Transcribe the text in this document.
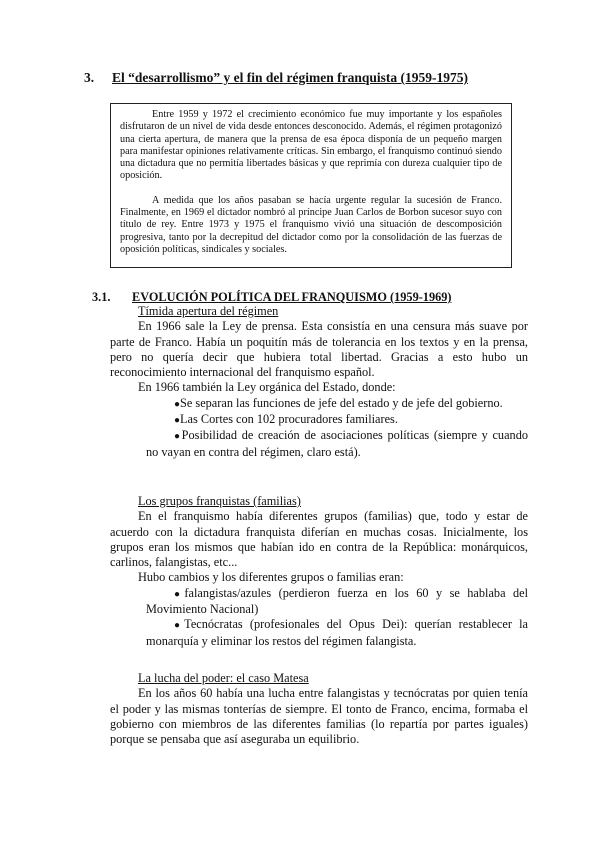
3. El “desarrollismo” y el fin del régimen franquista (1959-1975)

Entre 1959 y 1972 el crecimiento económico fue muy importante y los españoles disfrutaron de un nivel de vida desde entonces desconocido. Además, el régimen protagonizó una cierta apertura, de manera que la prensa de esa época disponía de un pequeño margen para manifestar opiniones relativamente críticas. Sin embargo, el franquismo continuó siendo una dictadura que no permitía libertades básicas y que reprimía con dureza cualquier tipo de oposición.

A medida que los años pasaban se hacía urgente regular la sucesión de Franco. Finalmente, en 1969 el dictador nombró al príncipe Juan Carlos de Borbon sucesor suyo con título de rey. Entre 1973 y 1975 el franquismo vivió una situación de descomposición progresiva, tanto por la decrepitud del dictador como por la consolidación de las fuerzas de oposición políticas, sindicales y sociales.

3.1. EVOLUCIÓN POLÍTICA DEL FRANQUISMO (1959-1969)
Tímida apertura del régimen

En 1966 sale la Ley de prensa. Esta consistía en una censura más suave por parte de Franco. Había un poquitín más de tolerancia en los textos y en la prensa, pero no quería decir que hubiera total libertad. Gracias a esto hubo un reconocimiento internacional del franquismo español.

En 1966 también la Ley orgánica del Estado, donde:

●Se separan las funciones de jefe del estado y de jefe del gobierno.

●Las Cortes con 102 procuradores familiares.

●Posibilidad de creación de asociaciones políticas (siempre y cuando no vayan en contra del régimen, claro está).

Los grupos franquistas (familias)

En el franquismo había diferentes grupos (familias) que, todo y estar de acuerdo con la dictadura franquista diferían en muchas cosas. Inicialmente, los grupos eran los mismos que habían ido en contra de la República: monárquicos, carlinos, falangistas, etc...

Hubo cambios y los diferentes grupos o familias eran:

●falangistas/azules (perdieron fuerza en los 60 y se hablaba del Movimiento Nacional)

●Tecnócratas (profesionales del Opus Dei): querían restablecer la monarquía y eliminar los restos del régimen falangista.

La lucha del poder: el caso Matesa

En los años 60 había una lucha entre falangistas y tecnócratas por quien tenía el poder y las mismas tonterías de siempre. El tonto de Franco, encima, formaba el gobierno con miembros de las diferentes familias (lo repartía por partes iguales) porque se pensaba que así aseguraba un equilibrio.
